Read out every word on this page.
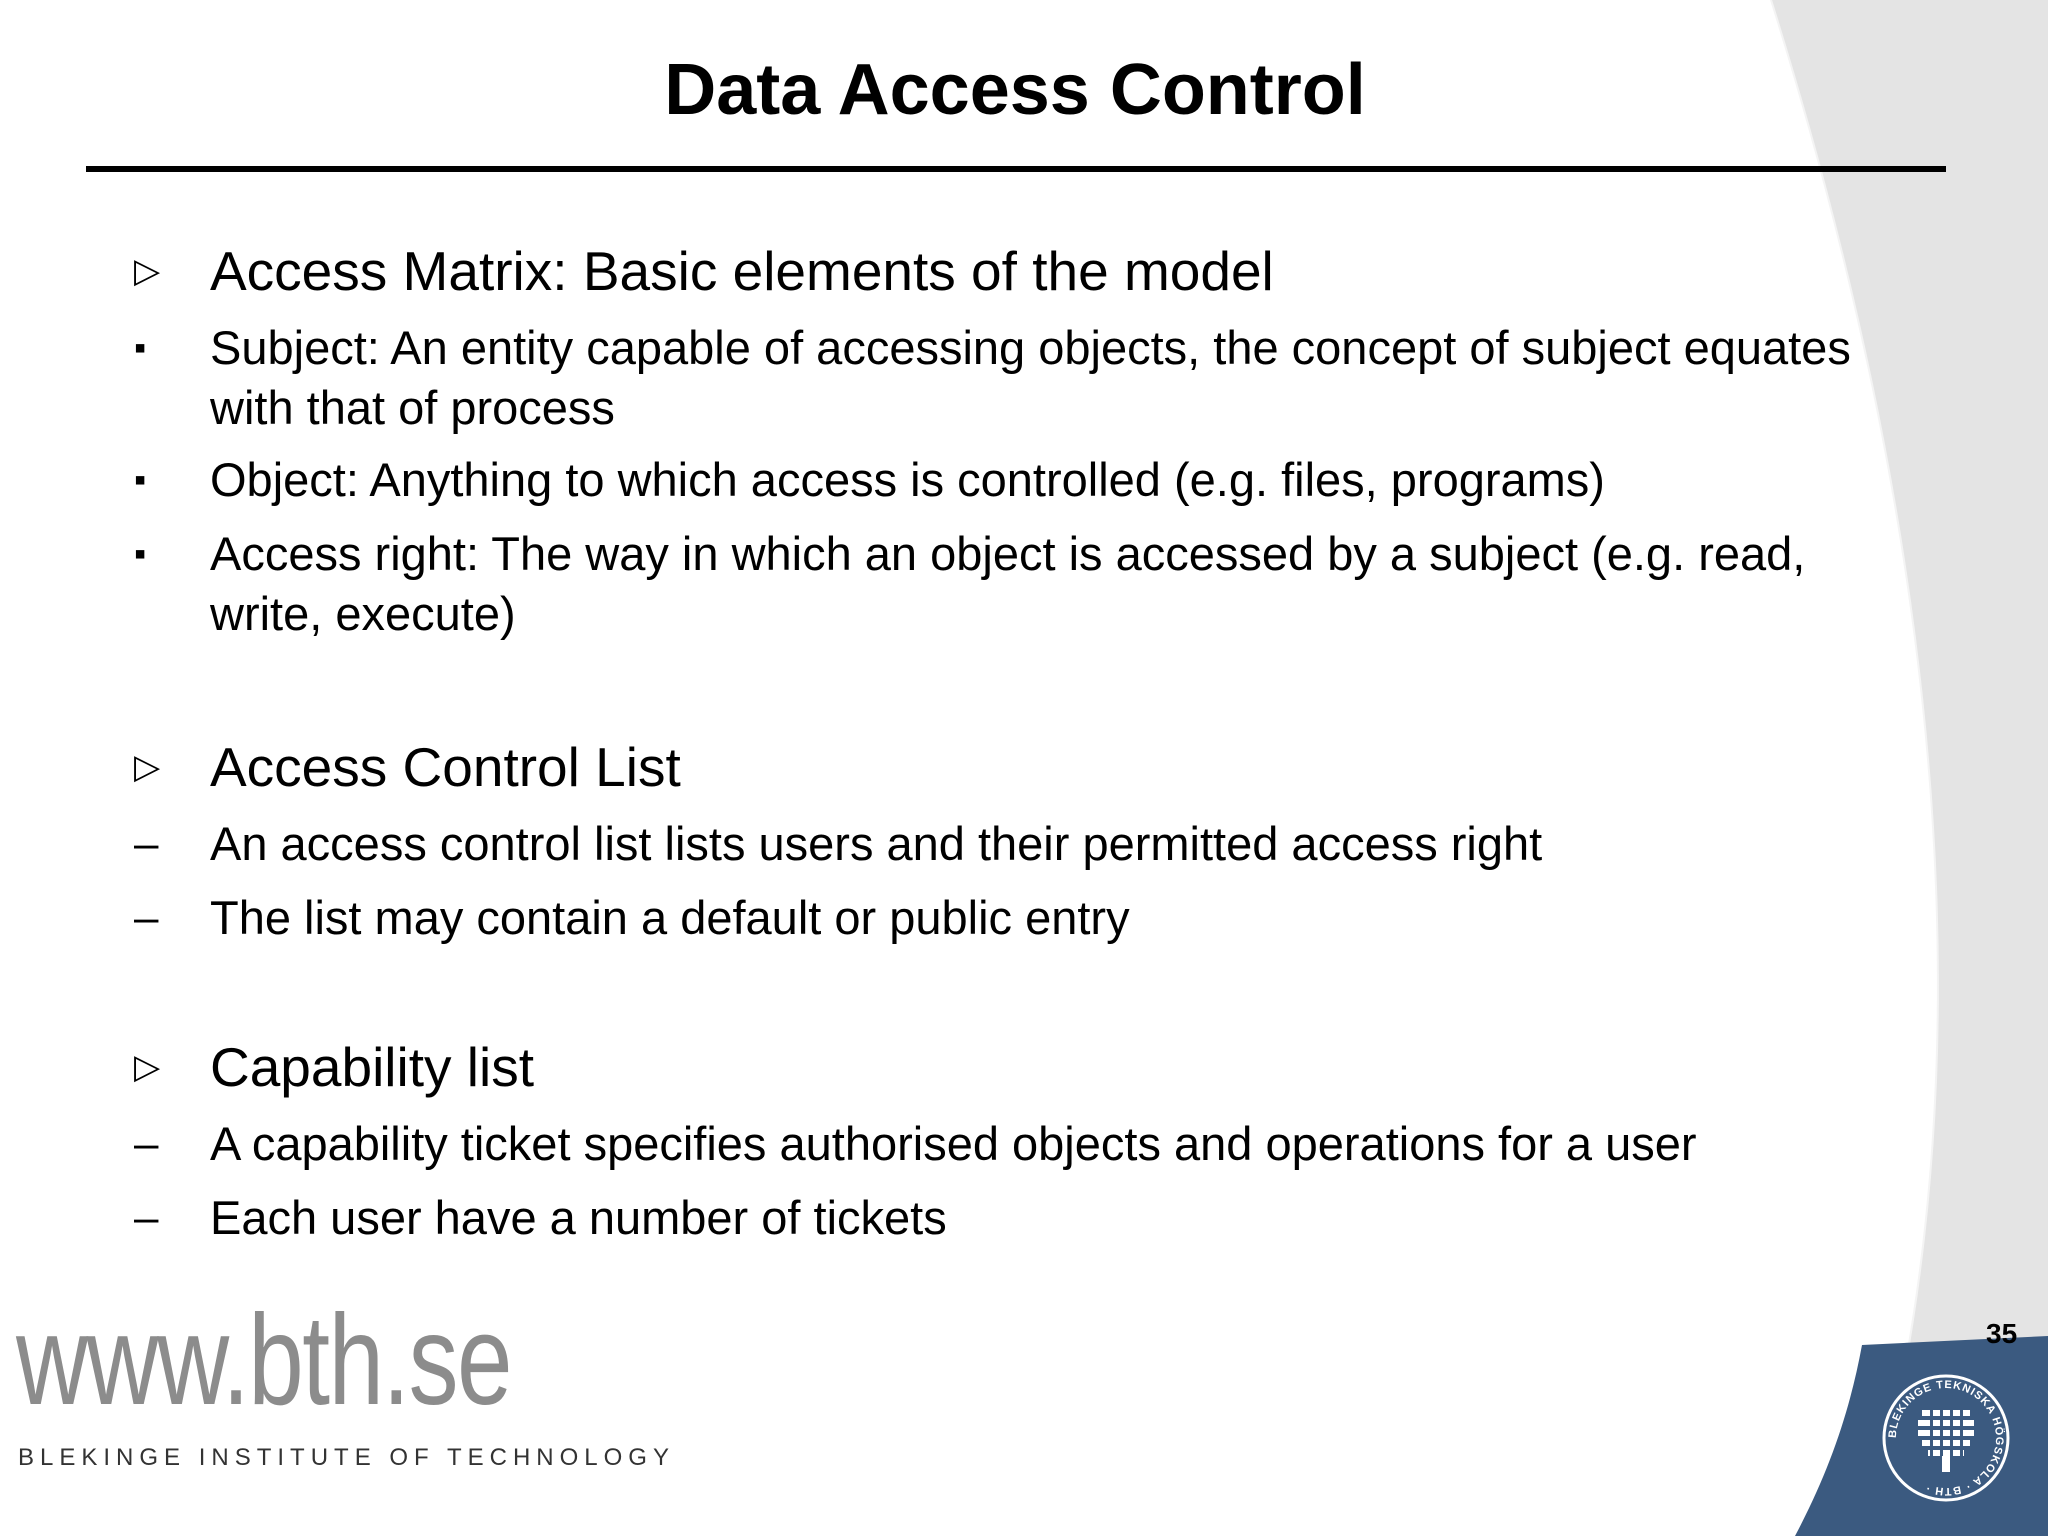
Data Access Control
▷ Access Matrix: Basic elements of the model
▪	Subject: An entity capable of accessing objects, the concept of subject equates with that of process
▪	Object: Anything to which access is controlled (e.g. files, programs)
▪	Access right: The way in which an object is accessed by a subject (e.g. read, write, execute)
▷ Access Control List
–	An access control list lists users and their permitted access right
–	The list may contain a default or public entry
▷ Capability list
–	A capability ticket specifies authorised objects and operations for a user
–	Each user have a number of tickets
www.bth.se
BLEKINGE INSTITUTE OF TECHNOLOGY
35
BLEKINGE TEKNISKA HÖGSKOLA · BTH ·
